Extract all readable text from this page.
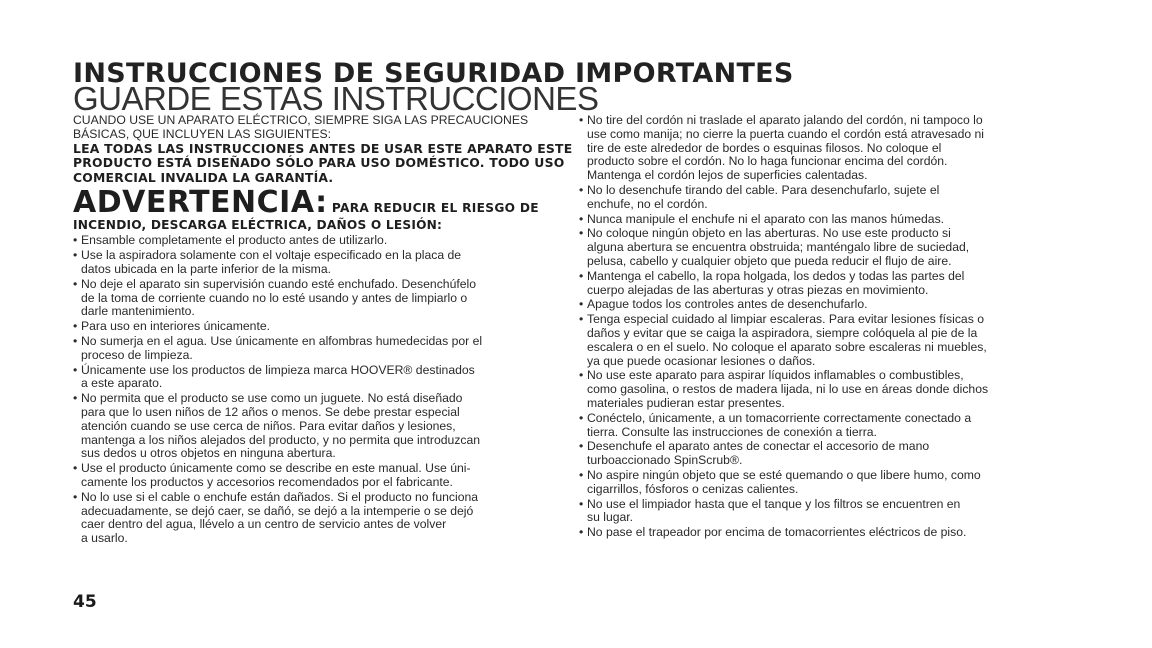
INSTRUCCIONES DE SEGURIDAD IMPORTANTES
GUARDE ESTAS INSTRUCCIONES

CUANDO USE UN APARATO ELÉCTRICO, SIEMPRE SIGA LAS PRECAUCIONES BÁSICAS, QUE INCLUYEN LAS SIGUIENTES:

LEA TODAS LAS INSTRUCCIONES ANTES DE USAR ESTE APARATO ESTE PRODUCTO ESTÁ DISEÑADO SÓLO PARA USO DOMÉSTICO. TODO USO COMERCIAL INVALIDA LA GARANTÍA.

ADVERTENCIA: PARA REDUCIR EL RIESGO DE
INCENDIO, DESCARGA ELÉCTRICA, DAÑOS O LESIÓN:

• Ensamble completamente el producto antes de utilizarlo.
• Use la aspiradora solamente con el voltaje especificado en la placa de
datos ubicada en la parte inferior de la misma.
• No deje el aparato sin supervisión cuando esté enchufado. Desenchúfelo
de la toma de corriente cuando no lo esté usando y antes de limpiarlo o
darle mantenimiento.
• Para uso en interiores únicamente.
• No sumerja en el agua. Use únicamente en alfombras humedecidas por el
proceso de limpieza.
• Únicamente use los productos de limpieza marca HOOVER® destinados
a este aparato.
• No permita que el producto se use como un juguete. No está diseñado
para que lo usen niños de 12 años o menos. Se debe prestar especial
atención cuando se use cerca de niños. Para evitar daños y lesiones,
mantenga a los niños alejados del producto, y no permita que introduzcan
sus dedos u otros objetos en ninguna abertura.
• Use el producto únicamente como se describe en este manual. Use úni-
camente los productos y accesorios recomendados por el fabricante.
• No lo use si el cable o enchufe están dañados. Si el producto no funciona
adecuadamente, se dejó caer, se dañó, se dejó a la intemperie o se dejó
caer dentro del agua, llévelo a un centro de servicio antes de volver
a usarlo.
• No tire del cordón ni traslade el aparato jalando del cordón, ni tampoco lo
use como manija; no cierre la puerta cuando el cordón está atravesado ni
tire de este alrededor de bordes o esquinas filosos. No coloque el
producto sobre el cordón. No lo haga funcionar encima del cordón.
Mantenga el cordón lejos de superficies calentadas.
• No lo desenchufe tirando del cable. Para desenchufarlo, sujete el
enchufe, no el cordón.
• Nunca manipule el enchufe ni el aparato con las manos húmedas.
• No coloque ningún objeto en las aberturas. No use este producto si
alguna abertura se encuentra obstruida; manténgalo libre de suciedad,
pelusa, cabello y cualquier objeto que pueda reducir el flujo de aire.
• Mantenga el cabello, la ropa holgada, los dedos y todas las partes del
cuerpo alejadas de las aberturas y otras piezas en movimiento.
• Apague todos los controles antes de desenchufarlo.
• Tenga especial cuidado al limpiar escaleras. Para evitar lesiones físicas o
daños y evitar que se caiga la aspiradora, siempre colóquela al pie de la
escalera o en el suelo. No coloque el aparato sobre escaleras ni muebles,
ya que puede ocasionar lesiones o daños.
• No use este aparato para aspirar líquidos inflamables o combustibles,
como gasolina, o restos de madera lijada, ni lo use en áreas donde dichos
materiales pudieran estar presentes.
• Conéctelo, únicamente, a un tomacorriente correctamente conectado a
tierra. Consulte las instrucciones de conexión a tierra.
• Desenchufe el aparato antes de conectar el accesorio de mano
turboaccionado SpinScrub®.
• No aspire ningún objeto que se esté quemando o que libere humo, como
cigarrillos, fósforos o cenizas calientes.
• No use el limpiador hasta que el tanque y los filtros se encuentren en
su lugar.
• No pase el trapeador por encima de tomacorrientes eléctricos de piso.

45
